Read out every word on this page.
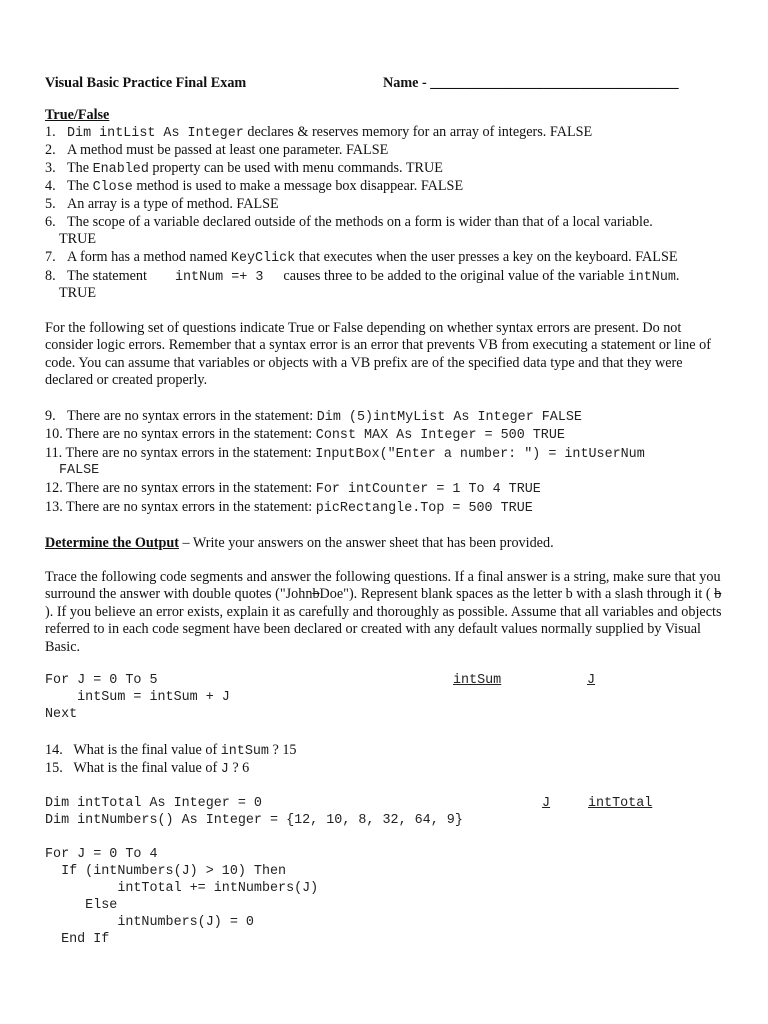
Visual Basic Practice Final Exam	Name - ___________________________________
True/False
1. Dim intList As Integer declares & reserves memory for an array of integers. FALSE
2. A method must be passed at least one parameter. FALSE
3. The Enabled property can be used with menu commands. TRUE
4. The Close method is used to make a message box disappear. FALSE
5. An array is a type of method. FALSE
6. The scope of a variable declared outside of the methods on a form is wider than that of a local variable.
TRUE
7. A form has a method named KeyClick that executes when the user presses a key on the keyboard. FALSE
8. The statement intNum =+ 3 causes three to be added to the original value of the variable intNum.
TRUE
For the following set of questions indicate True or False depending on whether syntax errors are present. Do not consider logic errors. Remember that a syntax error is an error that prevents VB from executing a statement or line of code. You can assume that variables or objects with a VB prefix are of the specified data type and that they were declared or created properly.
9. There are no syntax errors in the statement: Dim (5)intMyList As Integer FALSE
10. There are no syntax errors in the statement: Const MAX As Integer = 500 TRUE
11. There are no syntax errors in the statement: InputBox("Enter a number: ") = intUserNum
FALSE
12. There are no syntax errors in the statement: For intCounter = 1 To 4 TRUE
13. There are no syntax errors in the statement: picRectangle.Top = 500 TRUE
Determine the Output – Write your answers on the answer sheet that has been provided.
Trace the following code segments and answer the following questions. If a final answer is a string, make sure that you surround the answer with double quotes ("JohnbDoe"). Represent blank spaces as the letter b with a slash through it ( b ). If you believe an error exists, explain it as carefully and thoroughly as possible. Assume that all variables and objects referred to in each code segment have been declared or created with any default values normally supplied by Visual Basic.
For J = 0 To 5
intSum = intSum + J
Next
intSum	J
14. What is the final value of intSum ? 15
15. What is the final value of J ? 6
Dim intTotal As Integer = 0
Dim intNumbers() As Integer = {12, 10, 8, 32, 64, 9}
For J = 0 To 4
If (intNumbers(J) > 10) Then
intTotal += intNumbers(J)
Else
intNumbers(J) = 0
End If
J	intTotal
